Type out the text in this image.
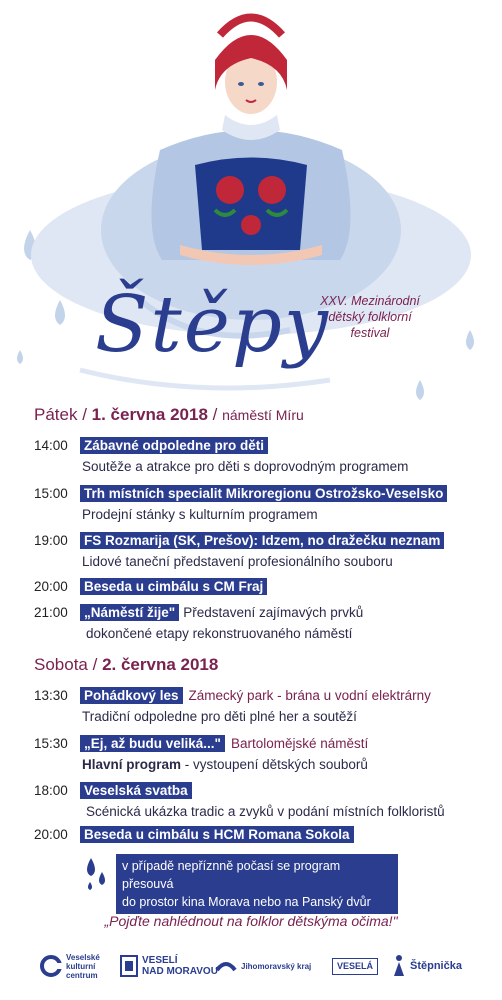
Štěpy
XXV. Mezinárodní
dětský folklorní
festival
Pátek / 1. června 2018 / náměstí Míru
14:00 Zábavné odpoledne pro děti
Soutěže a atrakce pro děti s doprovodným programem
15:00 Trh místních specialit Mikroregionu Ostrožsko-Veselsko
Prodejní stánky s kulturním programem
19:00 FS Rozmarija (SK, Prešov): Idzem, no dražečku neznam
Lidové taneční představení profesionálního souboru
20:00 Beseda u cimbálu s CM Fraj
21:00 „Náměstí žije" Představení zajímavých prvků
dokončené etapy rekonstruovaného náměstí
Sobota / 2. června 2018
13:30 Pohádkový les Zámecký park - brána u vodní elektrárny
Tradiční odpoledne pro děti plné her a soutěží
15:30 „Ej, až budu veliká..." Bartolomějské náměstí
Hlavní program - vystoupení dětských souborů
18:00 Veselská svatba
Scénická ukázka tradic a zvyků v podání místních folkloristů
20:00 Beseda u cimbálu s HCM Romana Sokola
v případě nepříznně počasí se program přesouvá
do prostor kina Morava nebo na Panský dvůr
„Pojďte nahlédnout na folklor dětskýma očima!"
Veselské
kulturní
centrum
VESELÍ
NAD MORAVOU	Jihomoravský kraj	VESELÁ	Štěpnička
